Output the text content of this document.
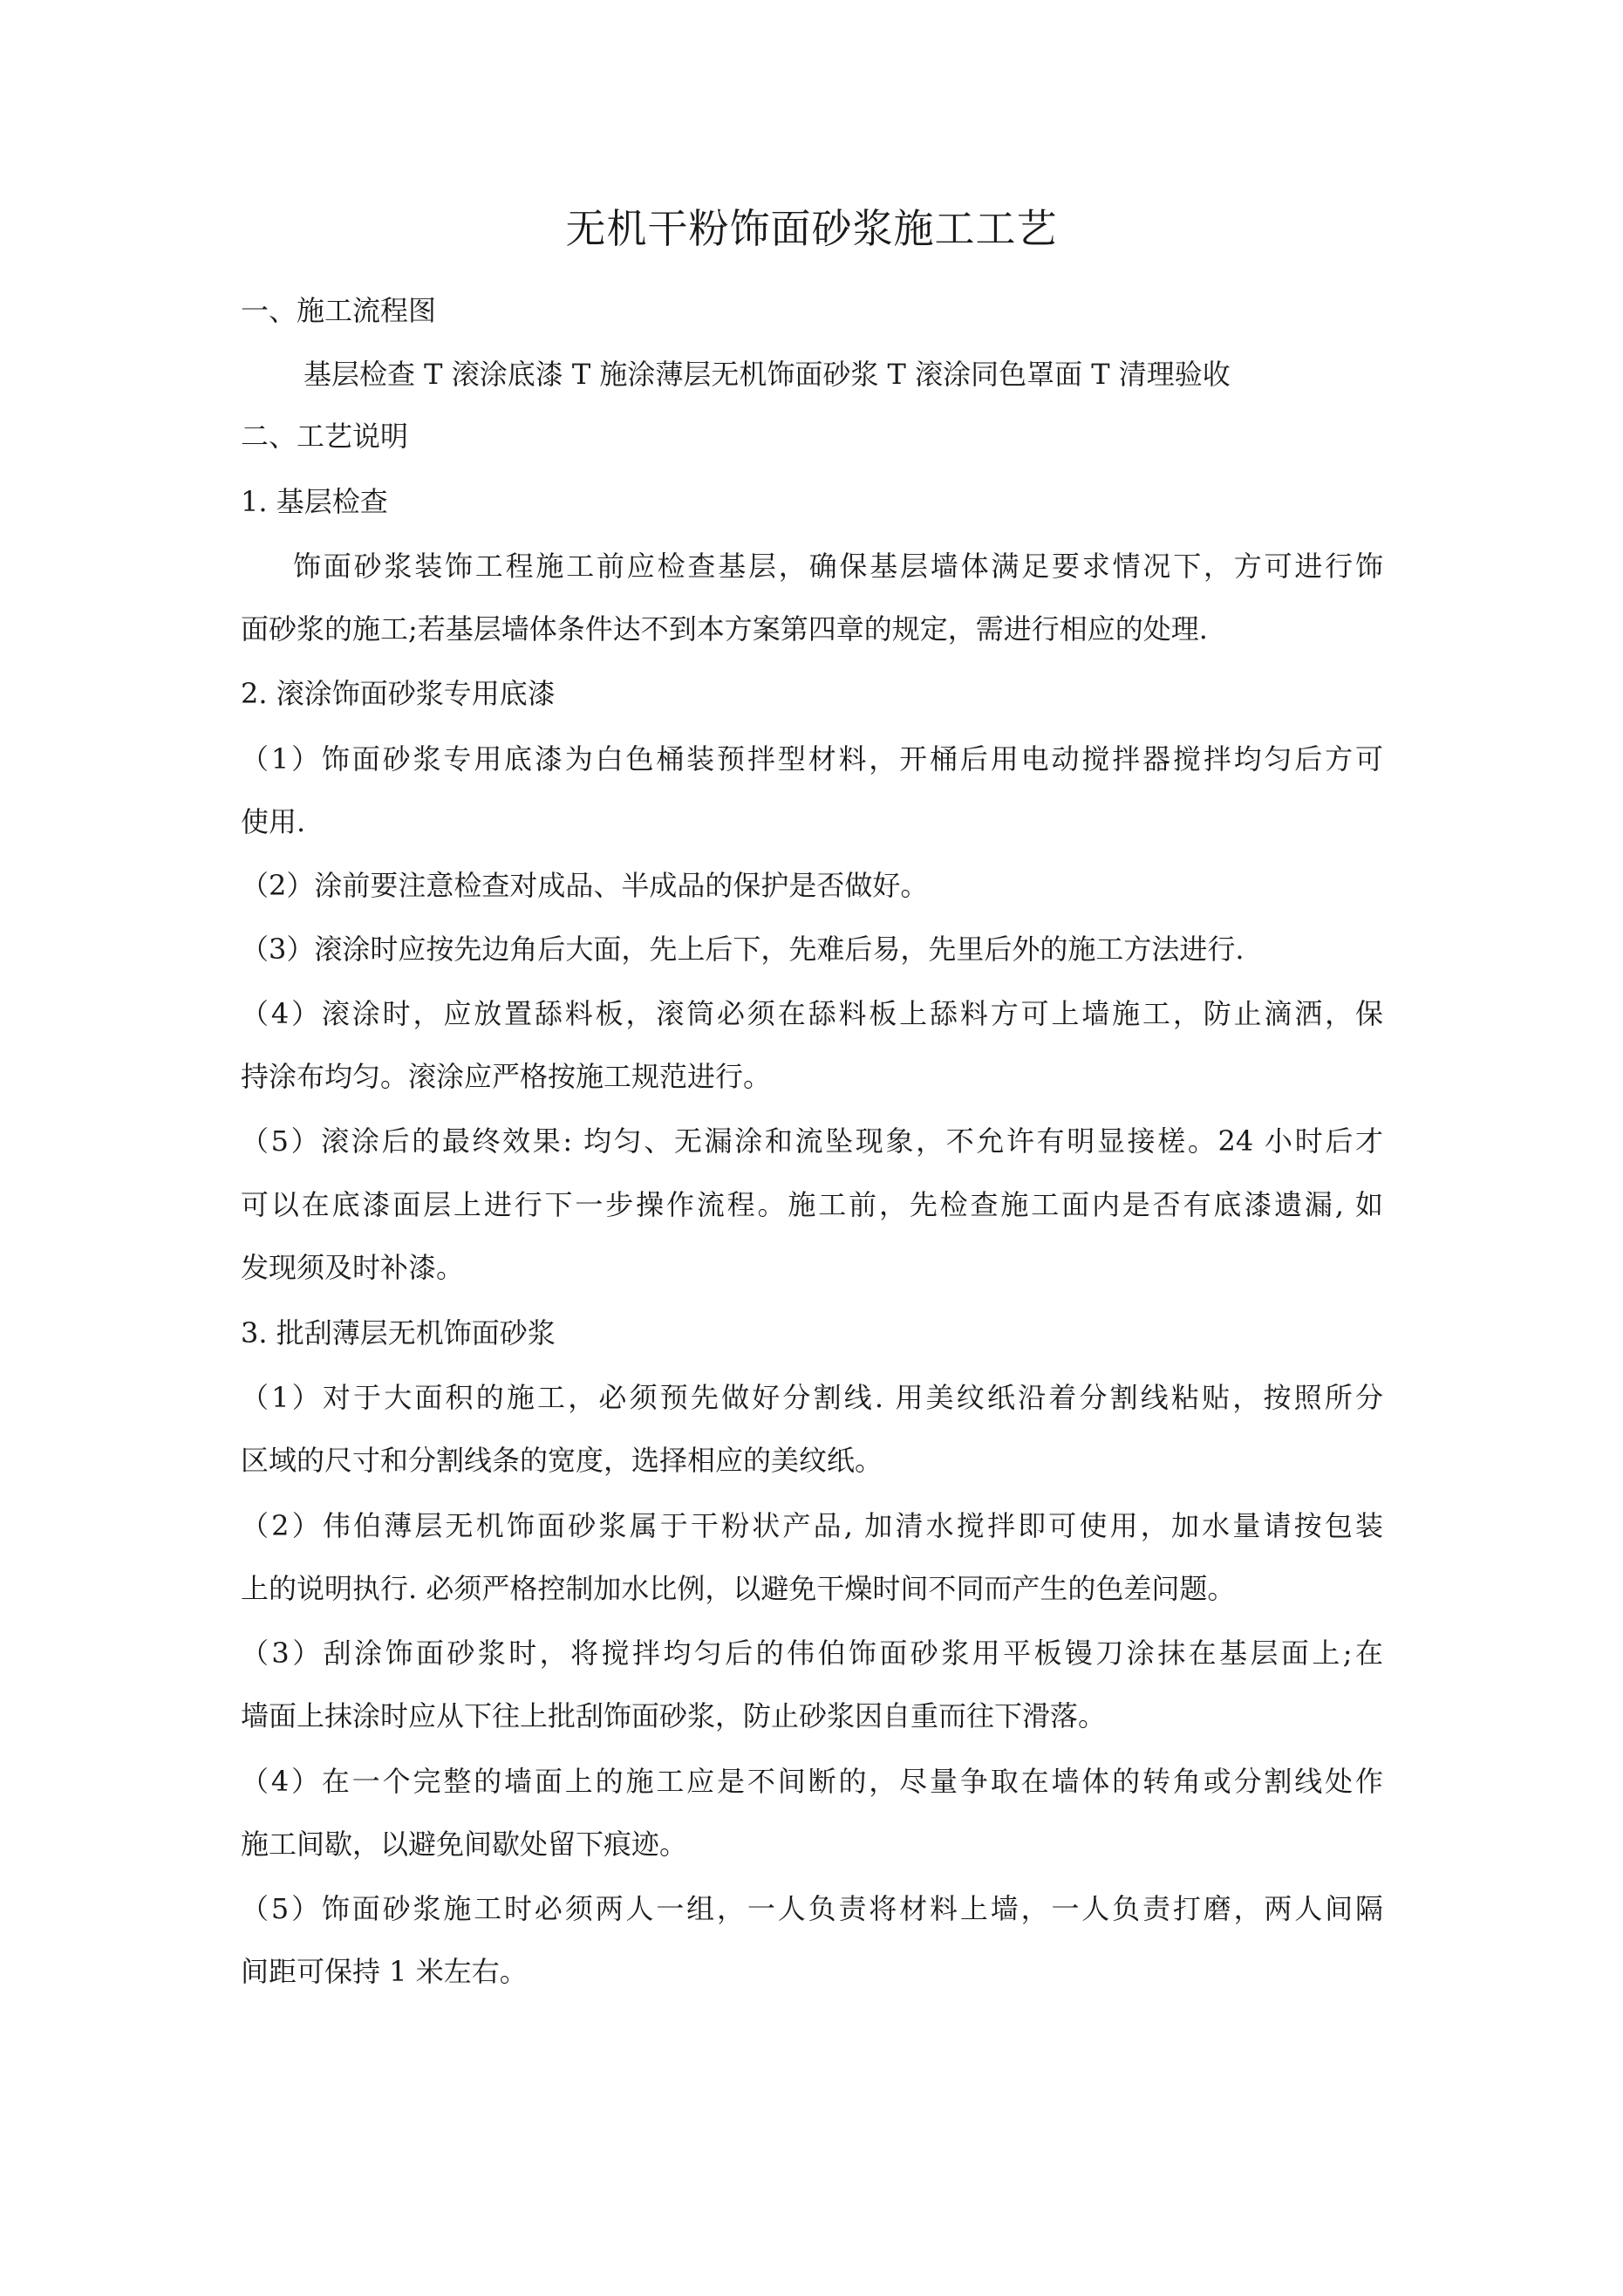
无机干粉饰面砂浆施工工艺
一、施工流程图
基层检查 T 滚涂底漆 T 施涂薄层无机饰面砂浆 T 滚涂同色罩面 T 清理验收
二、工艺说明
1. 基层检查
饰面砂浆装饰工程施工前应检查基层，确保基层墙体满足要求情况下，方可进行饰
面砂浆的施工;若基层墙体条件达不到本方案第四章的规定，需进行相应的处理.
2. 滚涂饰面砂浆专用底漆
（1）饰面砂浆专用底漆为白色桶装预拌型材料，开桶后用电动搅拌器搅拌均匀后方可
使用.
（2）涂前要注意检查对成品、半成品的保护是否做好。
（3）滚涂时应按先边角后大面，先上后下，先难后易，先里后外的施工方法进行.
（4）滚涂时，应放置舔料板，滚筒必须在舔料板上舔料方可上墙施工，防止滴洒，保
持涂布均匀。滚涂应严格按施工规范进行。
（5）滚涂后的最终效果: 均匀、无漏涂和流坠现象，不允许有明显接槎。24 小时后才
可以在底漆面层上进行下一步操作流程。施工前，先检查施工面内是否有底漆遗漏, 如
发现须及时补漆。
3. 批刮薄层无机饰面砂浆
（1）对于大面积的施工，必须预先做好分割线. 用美纹纸沿着分割线粘贴，按照所分
区域的尺寸和分割线条的宽度，选择相应的美纹纸。
（2）伟伯薄层无机饰面砂浆属于干粉状产品, 加清水搅拌即可使用，加水量请按包装
上的说明执行. 必须严格控制加水比例，以避免干燥时间不同而产生的色差问题。
（3）刮涂饰面砂浆时，将搅拌均匀后的伟伯饰面砂浆用平板镘刀涂抹在基层面上;在
墙面上抹涂时应从下往上批刮饰面砂浆，防止砂浆因自重而往下滑落。
（4）在一个完整的墙面上的施工应是不间断的，尽量争取在墙体的转角或分割线处作
施工间歇，以避免间歇处留下痕迹。
（5）饰面砂浆施工时必须两人一组，一人负责将材料上墙，一人负责打磨，两人间隔
间距可保持 1 米左右。
